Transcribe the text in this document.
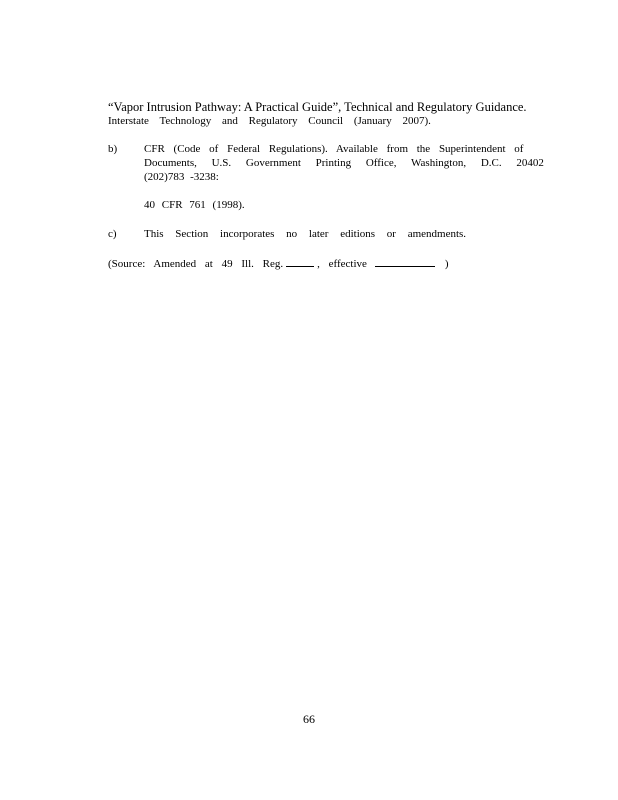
“Vapor Intrusion Pathway: A Practical Guide”, Technical and Regulatory Guidance.
Interstate Technology and Regulatory Council (January 2007).
b) CFR (Code of Federal Regulations). Available from the Superintendent of
Documents, U.S. Government Printing Office, Washington, D.C. 20402
(202)783 -3238:
40 CFR 761 (1998).
c) This Section incorporates no later editions or amendments.
(Source: Amended at 49 Ill. Reg.	, effective	)
66
